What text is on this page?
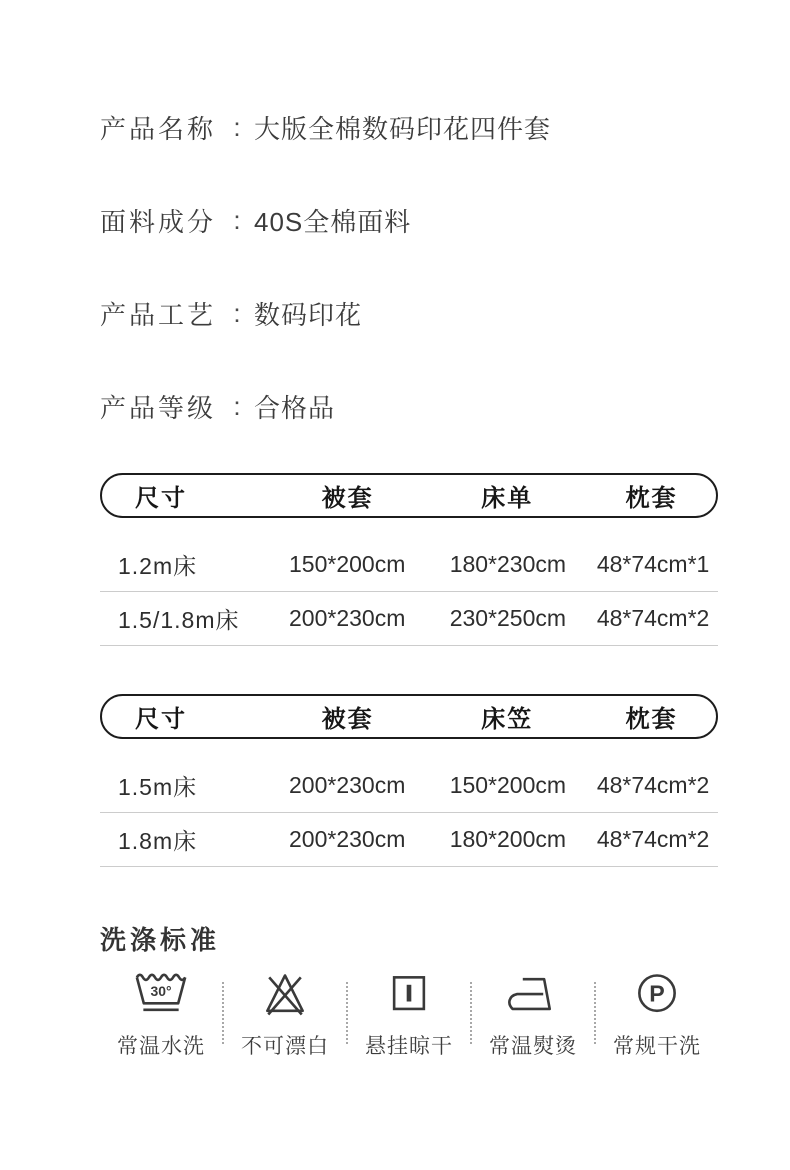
产品名称 : 大版全棉数码印花四件套
面料成分 : 40S全棉面料
产品工艺 : 数码印花
产品等级 : 合格品
尺寸	被套	床单	枕套
1.2m床	150*200cm	180*230cm	48*74cm*1
1.5/1.8m床	200*230cm	230*250cm	48*74cm*2
尺寸	被套	床笠	枕套
1.5m床	200*230cm	150*200cm	48*74cm*2
1.8m床	200*230cm	180*200cm	48*74cm*2
洗涤标准
30°
常温水洗 不可漂白 悬挂晾干 常温熨烫
P
常规干洗
